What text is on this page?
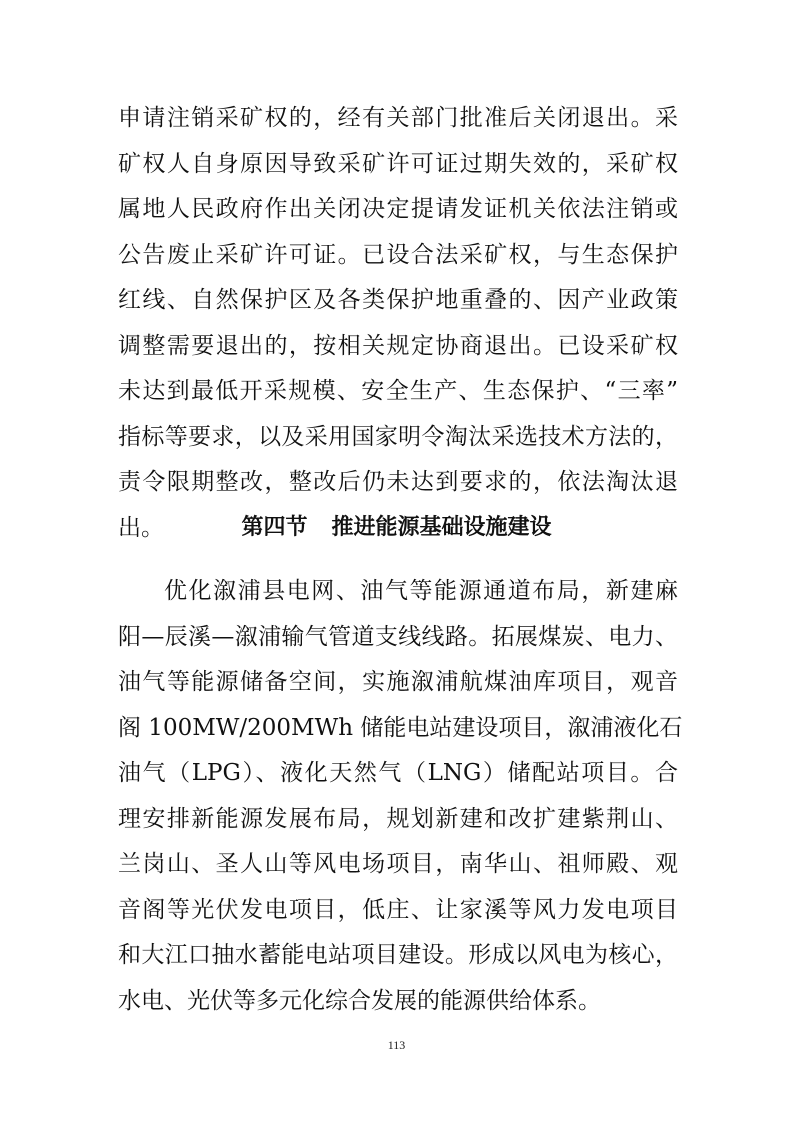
申请注销采矿权的，经有关部门批准后关闭退出。采
矿权人自身原因导致采矿许可证过期失效的，采矿权
属地人民政府作出关闭决定提请发证机关依法注销或
公告废止采矿许可证。已设合法采矿权，与生态保护
红线、自然保护区及各类保护地重叠的、因产业政策
调整需要退出的，按相关规定协商退出。已设采矿权
未达到最低开采规模、安全生产、生态保护、“三率”
指标等要求，以及采用国家明令淘汰采选技术方法的，
责令限期整改，整改后仍未达到要求的，依法淘汰退
出。	第四节 推进能源基础设施建设
优化溆浦县电网、油气等能源通道布局，新建麻
阳—辰溪—溆浦输气管道支线线路。拓展煤炭、电力、
油气等能源储备空间，实施溆浦航煤油库项目，观音
阁 100MW/200MWh 储能电站建设项目，溆浦液化石
油气（LPG）、液化天然气（LNG）储配站项目。合
理安排新能源发展布局，规划新建和改扩建紫荆山、
兰岗山、圣人山等风电场项目，南华山、祖师殿、观
音阁等光伏发电项目，低庄、让家溪等风力发电项目
和大江口抽水蓄能电站项目建设。形成以风电为核心，
水电、光伏等多元化综合发展的能源供给体系。
113
